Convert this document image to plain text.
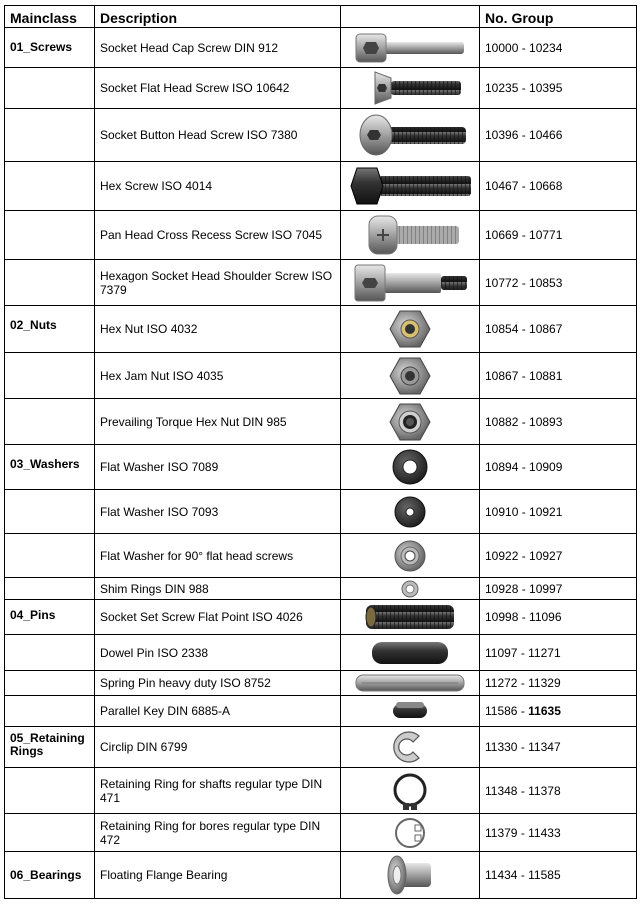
Mainclass	Description		No. Group
01_Screws	Socket Head Cap Screw DIN 912		10000 - 10234
	Socket Flat Head Screw ISO 10642		10235 - 10395
	Socket Button Head Screw ISO 7380		10396 - 10466
	Hex Screw ISO 4014		10467 - 10668
	Pan Head Cross Recess Screw ISO 7045		10669 - 10771
	Hexagon Socket Head Shoulder Screw ISO 7379		10772 - 10853
02_Nuts	Hex Nut ISO 4032		10854 - 10867
	Hex Jam Nut ISO 4035		10867 - 10881
	Prevailing Torque Hex Nut DIN 985		10882 - 10893
03_Washers	Flat Washer ISO 7089		10894 - 10909
	Flat Washer ISO 7093		10910 - 10921
	Flat Washer for 90° flat head screws		10922 - 10927
	Shim Rings DIN 988		10928 - 10997
04_Pins	Socket Set Screw Flat Point ISO 4026		10998 - 11096
	Dowel Pin ISO 2338		11097 - 11271
	Spring Pin heavy duty ISO 8752		11272 - 11329
	Parallel Key DIN 6885-A		11586 - 11635
05_Retaining Rings	Circlip DIN 6799		11330 - 11347
	Retaining Ring for shafts regular type DIN 471		11348 - 11378
	Retaining Ring for bores regular type DIN 472		11379 - 11433
06_Bearings	Floating Flange Bearing		11434 - 11585
